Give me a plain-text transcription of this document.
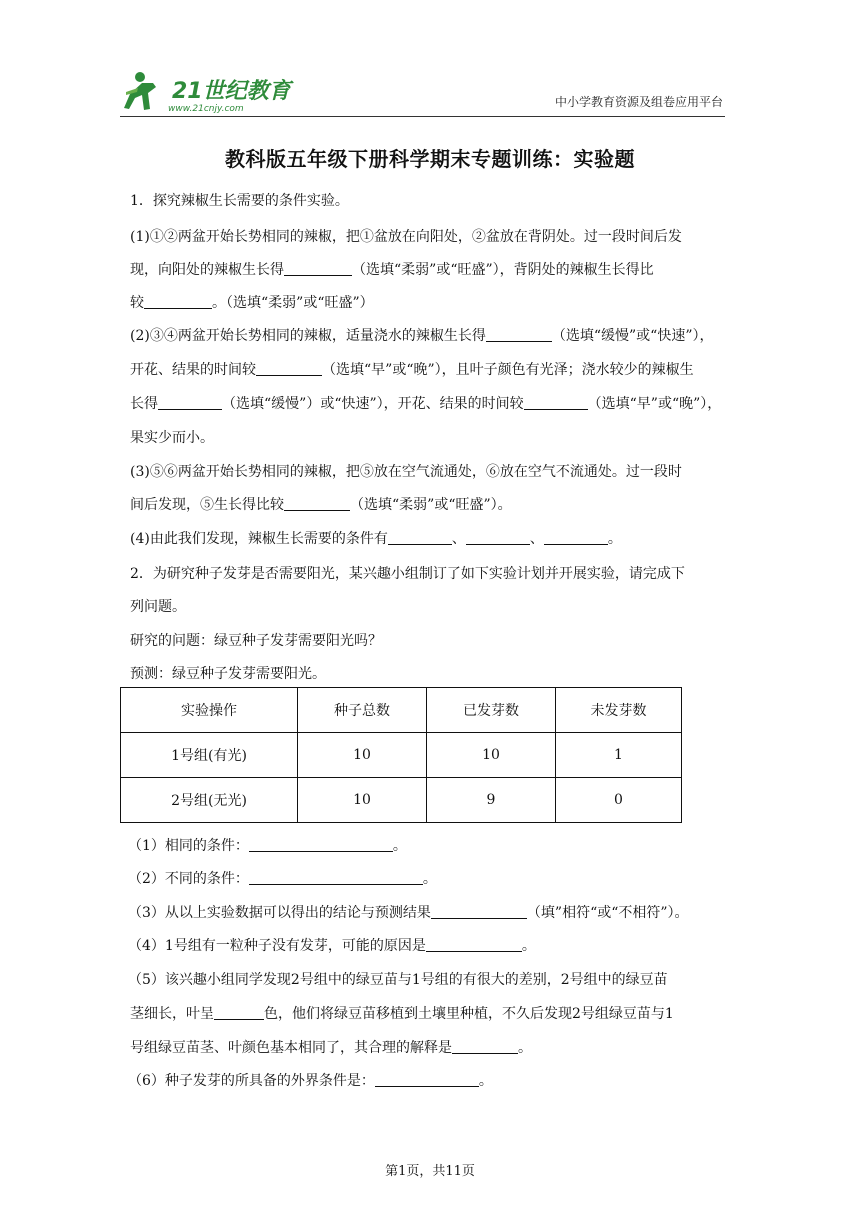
21世纪教育
www.21cnjy.com	中小学教育资源及组卷应用平台
教科版五年级下册科学期末专题训练：实验题
1．探究辣椒生长需要的条件实验。
(1)①②两盆开始长势相同的辣椒，把①盆放在向阳处，②盆放在背阴处。过一段时间后发
现，向阳处的辣椒生长得	（选填“柔弱”或“旺盛”），背阴处的辣椒生长得比
较	。（选填“柔弱”或“旺盛”）
(2)③④两盆开始长势相同的辣椒，适量浇水的辣椒生长得	（选填“缓慢”或“快速”），
开花、结果的时间较	（选填“早”或“晚”），且叶子颜色有光泽；浇水较少的辣椒生
长得	（选填“缓慢”）或“快速”），开花、结果的时间较	（选填“早”或“晚”），
果实少而小。
(3)⑤⑥两盆开始长势相同的辣椒，把⑤放在空气流通处，⑥放在空气不流通处。过一段时
间后发现，⑤生长得比较	（选填“柔弱”或“旺盛”）。
(4)由此我们发现，辣椒生长需要的条件有	、	、	。
2．为研究种子发芽是否需要阳光，某兴趣小组制订了如下实验计划并开展实验，请完成下
列问题。
研究的问题：绿豆种子发芽需要阳光吗？
预测：绿豆种子发芽需要阳光。
实验操作	种子总数	已发芽数	未发芽数
1号组(有光)	10	10	1
2号组(无光)	10	9	0
（1）相同的条件：	。
（2）不同的条件：	。
（3）从以上实验数据可以得出的结论与预测结果	（填”相符“或“不相符”）。
（4）1号组有一粒种子没有发芽，可能的原因是	。
（5）该兴趣小组同学发现2号组中的绿豆苗与1号组的有很大的差别，2号组中的绿豆苗
茎细长，叶呈	色，他们将绿豆苗移植到土壤里种植，不久后发现2号组绿豆苗与1
号组绿豆苗茎、叶颜色基本相同了，其合理的解释是	。
（6）种子发芽的所具备的外界条件是：	。
第1页，共11页
